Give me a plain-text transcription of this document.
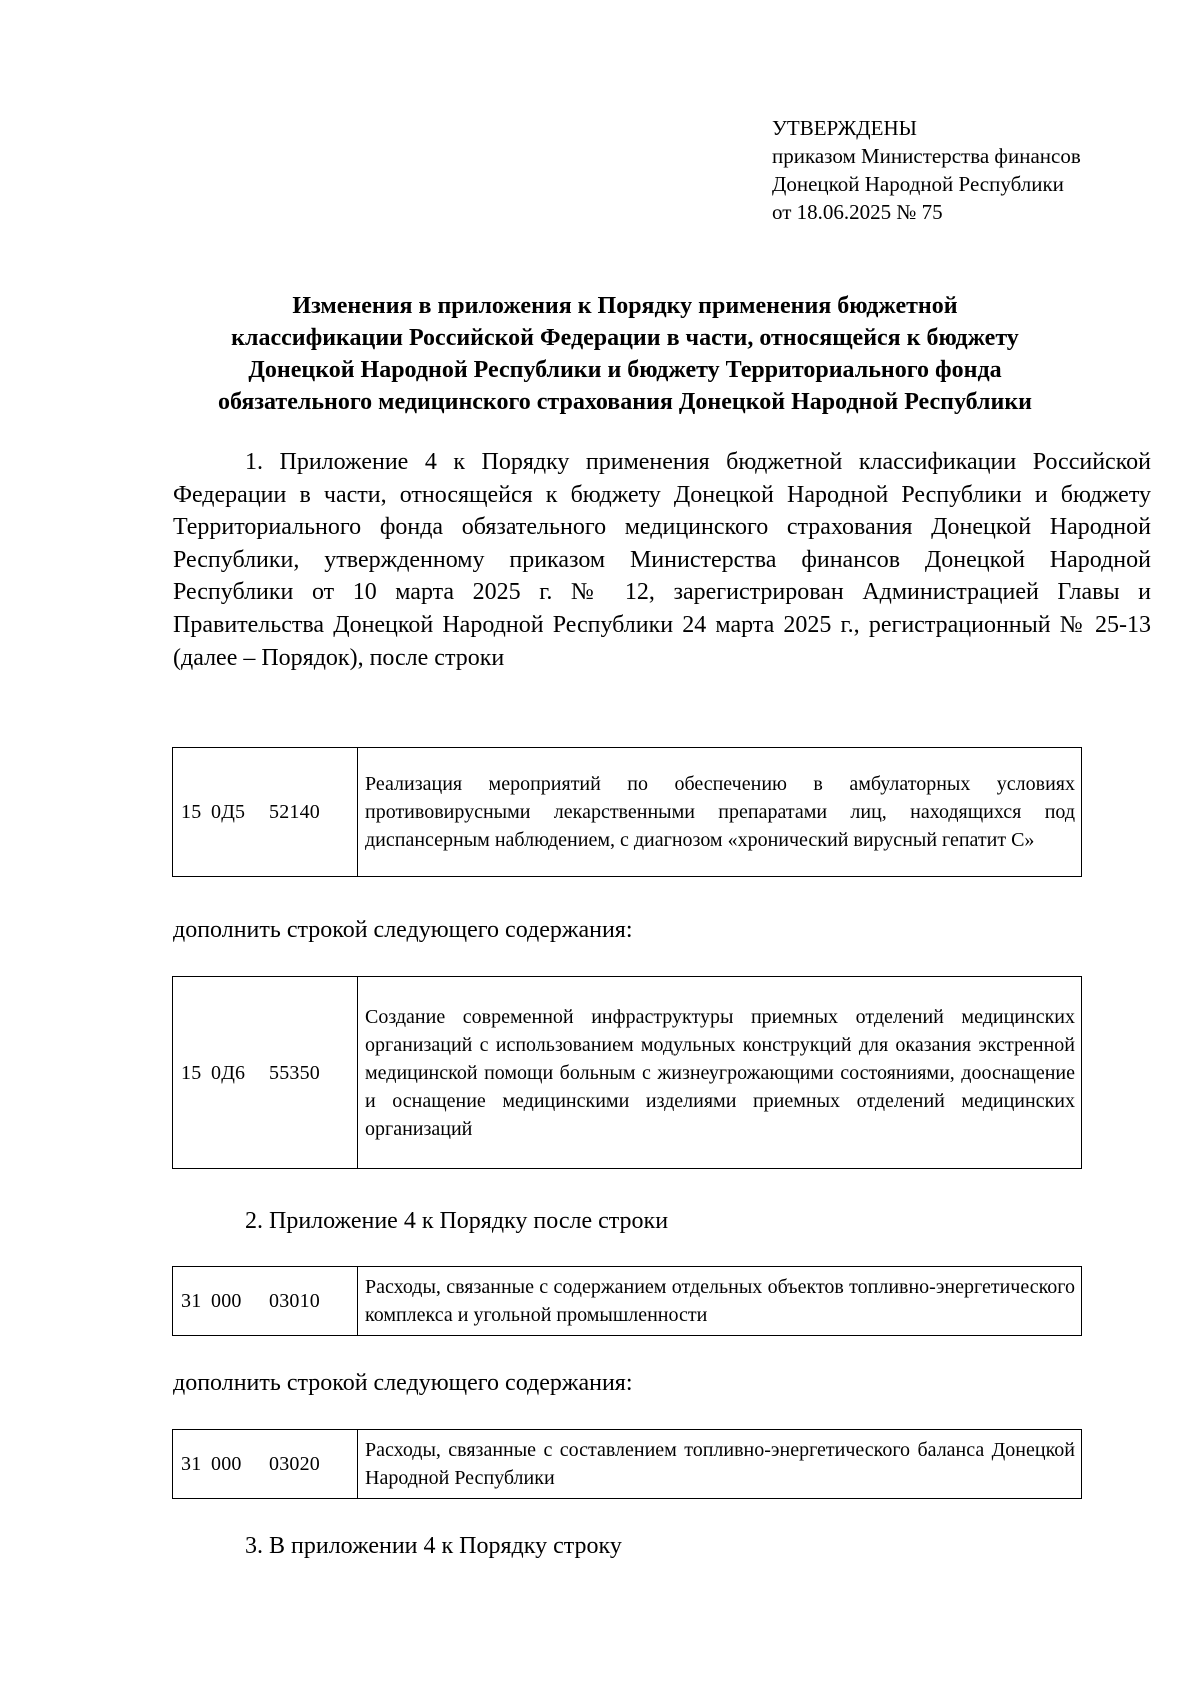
УТВЕРЖДЕНЫ
приказом Министерства финансов
Донецкой Народной Республики
от 18.06.2025 № 75
Изменения в приложения к Порядку применения бюджетной
классификации Российской Федерации в части, относящейся к бюджету
Донецкой Народной Республики и бюджету Территориального фонда
обязательного медицинского страхования Донецкой Народной Республики
1. Приложение 4 к Порядку применения бюджетной классификации Российской Федерации в части, относящейся к бюджету Донецкой Народной Республики и бюджету Территориального фонда обязательного медицинского страхования Донецкой Народной Республики, утвержденному приказом Министерства финансов Донецкой Народной Республики от 10 марта 2025 г. № 12, зарегистрирован Администрацией Главы и Правительства Донецкой Народной Республики 24 марта 2025 г., регистрационный № 25-13 (далее – Порядок), после строки
15 0Д5 52140	Реализация мероприятий по обеспечению в амбулаторных условиях противовирусными лекарственными препаратами лиц, находящихся под диспансерным наблюдением, с диагнозом «хронический вирусный гепатит С»
дополнить строкой следующего содержания:
15 0Д6 55350	Создание современной инфраструктуры приемных отделений медицинских организаций с использованием модульных конструкций для оказания экстренной медицинской помощи больным с жизнеугрожающими состояниями, дооснащение и оснащение медицинскими изделиями приемных отделений медицинских организаций
2. Приложение 4 к Порядку после строки
31 000 03010	Расходы, связанные с содержанием отдельных объектов топливно-энергетического комплекса и угольной промышленности
дополнить строкой следующего содержания:
31 000 03020	Расходы, связанные с составлением топливно-энергетического баланса Донецкой Народной Республики
3. В приложении 4 к Порядку строку
